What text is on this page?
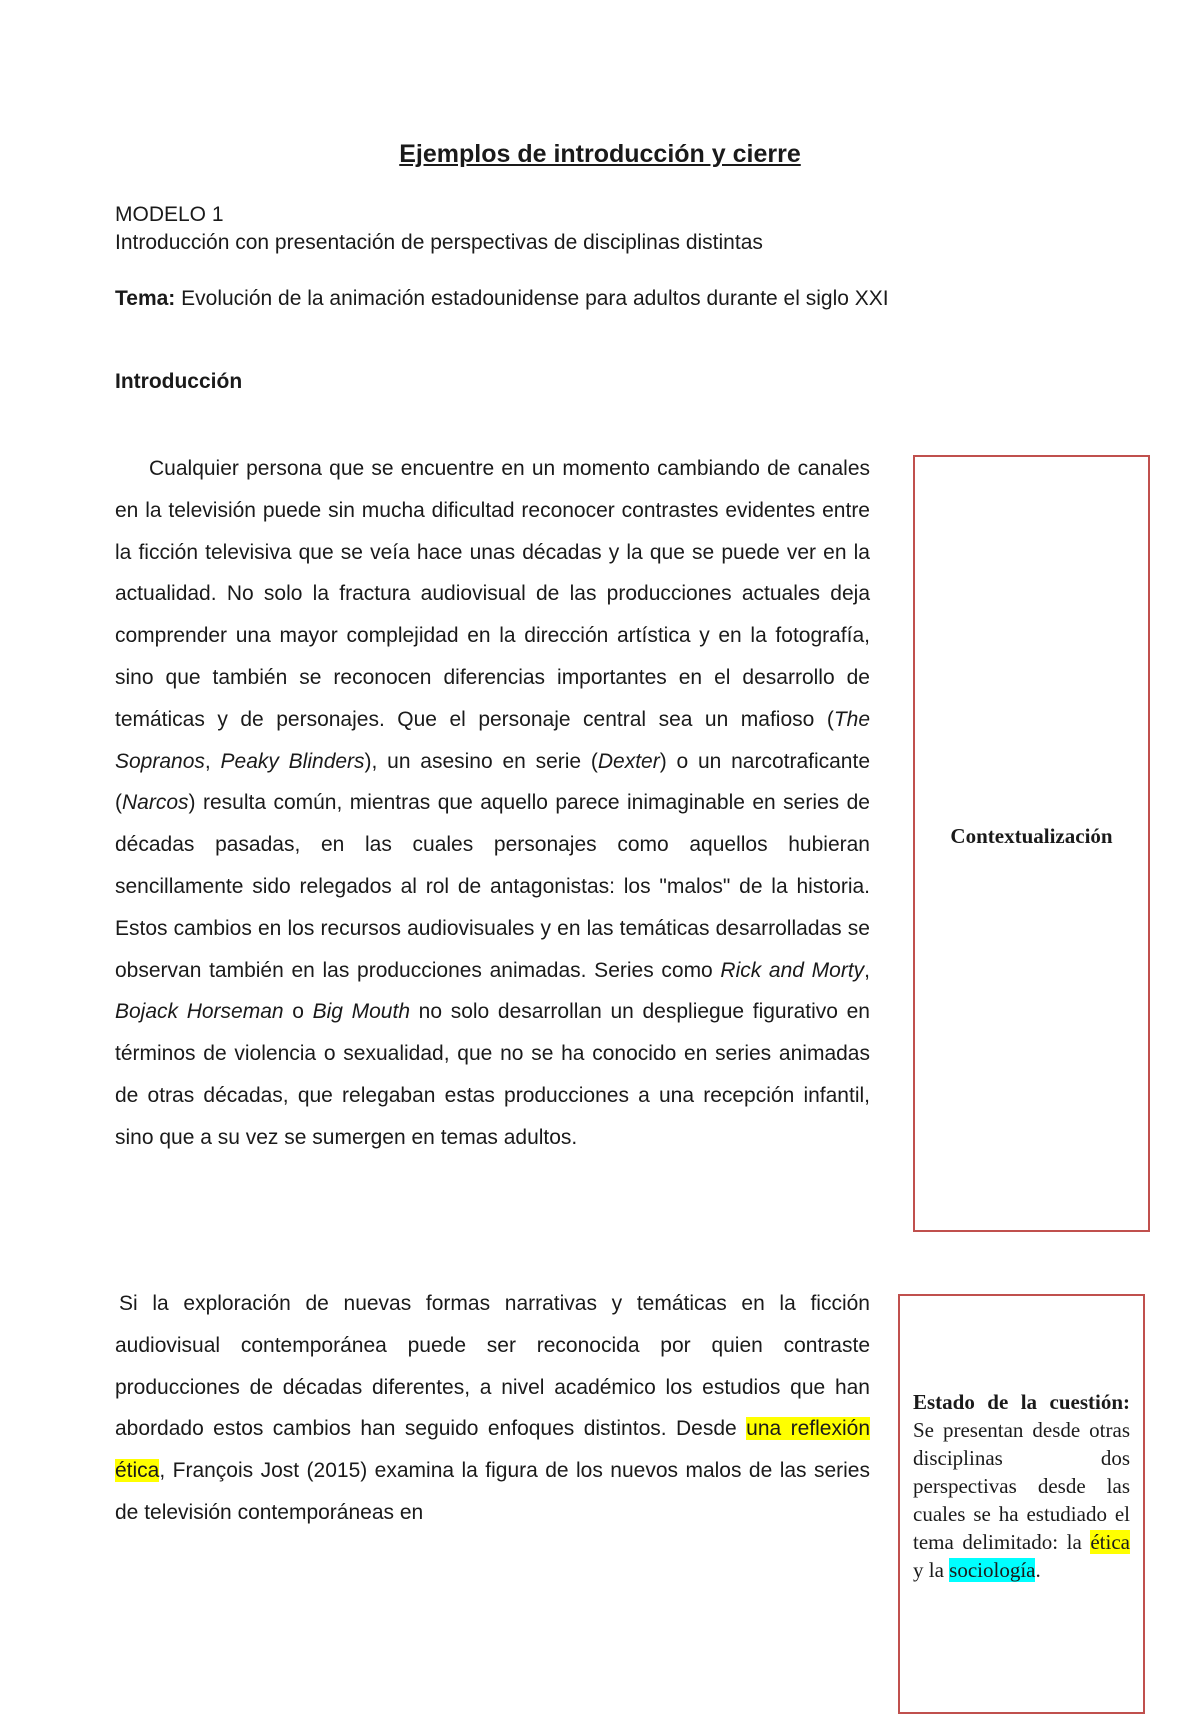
Ejemplos de introducción y cierre
MODELO 1
Introducción con presentación de perspectivas de disciplinas distintas
Tema: Evolución de la animación estadounidense para adultos durante el siglo XXI
Introducción
Cualquier persona que se encuentre en un momento cambiando de canales en la televisión puede sin mucha dificultad reconocer contrastes evidentes entre la ficción televisiva que se veía hace unas décadas y la que se puede ver en la actualidad. No solo la fractura audiovisual de las producciones actuales deja comprender una mayor complejidad en la dirección artística y en la fotografía, sino que también se reconocen diferencias importantes en el desarrollo de temáticas y de personajes. Que el personaje central sea un mafioso (The Sopranos, Peaky Blinders), un asesino en serie (Dexter) o un narcotraficante (Narcos) resulta común, mientras que aquello parece inimaginable en series de décadas pasadas, en las cuales personajes como aquellos hubieran sencillamente sido relegados al rol de antagonistas: los "malos" de la historia. Estos cambios en los recursos audiovisuales y en las temáticas desarrolladas se observan también en las producciones animadas. Series como Rick and Morty, Bojack Horseman o Big Mouth no solo desarrollan un despliegue figurativo en términos de violencia o sexualidad, que no se ha conocido en series animadas de otras décadas, que relegaban estas producciones a una recepción infantil, sino que a su vez se sumergen en temas adultos.
Contextualización
Si la exploración de nuevas formas narrativas y temáticas en la ficción audiovisual contemporánea puede ser reconocida por quien contraste producciones de décadas diferentes, a nivel académico los estudios que han abordado estos cambios han seguido enfoques distintos. Desde una reflexión ética, François Jost (2015) examina la figura de los nuevos malos de las series de televisión contemporáneas en
Estado de la cuestión:
Se presentan desde otras disciplinas dos perspectivas desde las cuales se ha estudiado el tema delimitado: la ética y la sociología.
